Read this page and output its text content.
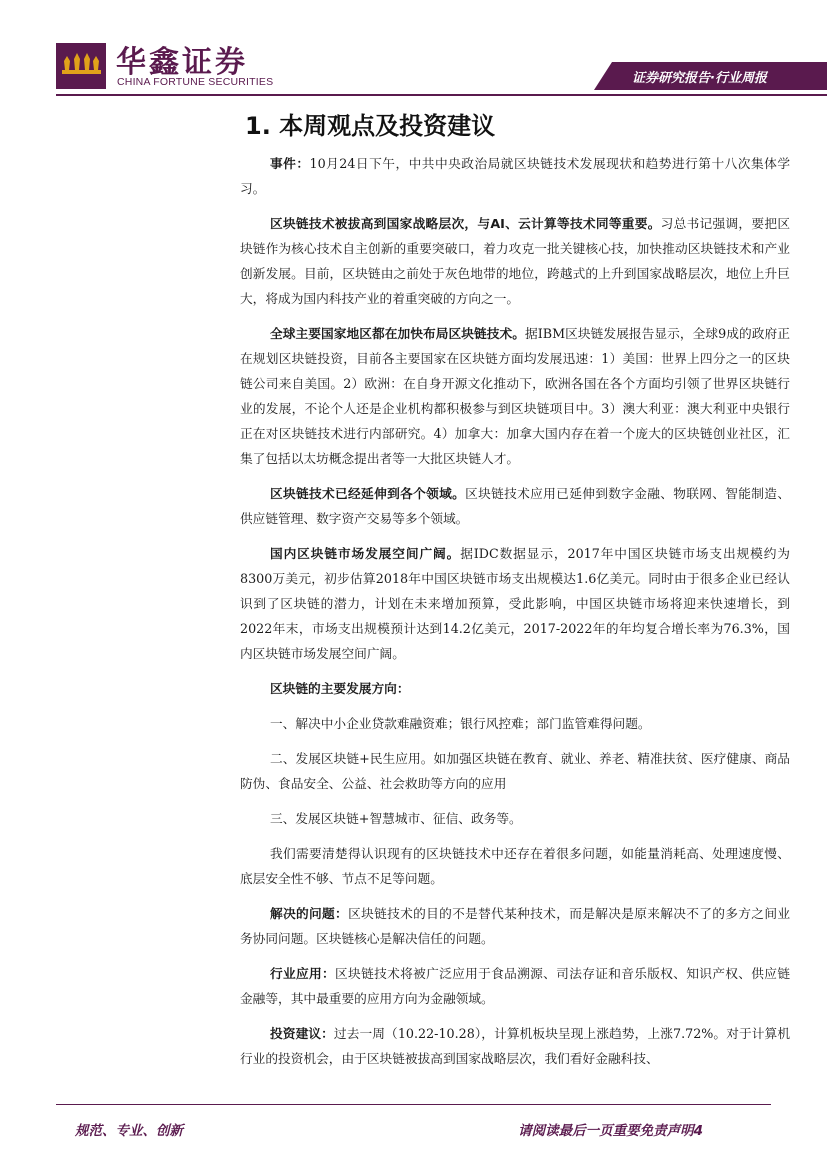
华鑫证券
CHINA FORTUNE SECURITIES	证券研究报告·行业周报
1. 本周观点及投资建议

事件：10月24日下午，中共中央政治局就区块链技术发展现状和趋势进行第十八次集体学习。

区块链技术被拔高到国家战略层次，与AI、云计算等技术同等重要。习总书记强调，要把区块链作为核心技术自主创新的重要突破口，着力攻克一批关键核心技，加快推动区块链技术和产业创新发展。目前，区块链由之前处于灰色地带的地位，跨越式的上升到国家战略层次，地位上升巨大，将成为国内科技产业的着重突破的方向之一。

全球主要国家地区都在加快布局区块链技术。据IBM区块链发展报告显示，全球9成的政府正在规划区块链投资，目前各主要国家在区块链方面均发展迅速：1）美国：世界上四分之一的区块链公司来自美国。2）欧洲：在自身开源文化推动下，欧洲各国在各个方面均引领了世界区块链行业的发展，不论个人还是企业机构都积极参与到区块链项目中。3）澳大利亚：澳大利亚中央银行正在对区块链技术进行内部研究。4）加拿大：加拿大国内存在着一个庞大的区块链创业社区，汇集了包括以太坊概念提出者等一大批区块链人才。

区块链技术已经延伸到各个领域。区块链技术应用已延伸到数字金融、物联网、智能制造、供应链管理、数字资产交易等多个领域。

国内区块链市场发展空间广阔。据IDC数据显示，2017年中国区块链市场支出规模约为8300万美元，初步估算2018年中国区块链市场支出规模达1.6亿美元。同时由于很多企业已经认识到了区块链的潜力，计划在未来增加预算，受此影响，中国区块链市场将迎来快速增长，到2022年末，市场支出规模预计达到14.2亿美元，2017-2022年的年均复合增长率为76.3%，国内区块链市场发展空间广阔。

区块链的主要发展方向：

一、解决中小企业贷款难融资难；银行风控难；部门监管难得问题。

二、发展区块链+民生应用。如加强区块链在教育、就业、养老、精准扶贫、医疗健康、商品防伪、食品安全、公益、社会救助等方向的应用

三、发展区块链+智慧城市、征信、政务等。

我们需要清楚得认识现有的区块链技术中还存在着很多问题，如能量消耗高、处理速度慢、底层安全性不够、节点不足等问题。

解决的问题：区块链技术的目的不是替代某种技术，而是解决是原来解决不了的多方之间业务协同问题。区块链核心是解决信任的问题。

行业应用：区块链技术将被广泛应用于食品溯源、司法存证和音乐版权、知识产权、供应链金融等，其中最重要的应用方向为金融领域。

投资建议：过去一周（10.22-10.28），计算机板块呈现上涨趋势，上涨7.72%。对于计算机行业的投资机会，由于区块链被拔高到国家战略层次，我们看好金融科技、

规范、专业、创新	请阅读最后一页重要免责声明4
